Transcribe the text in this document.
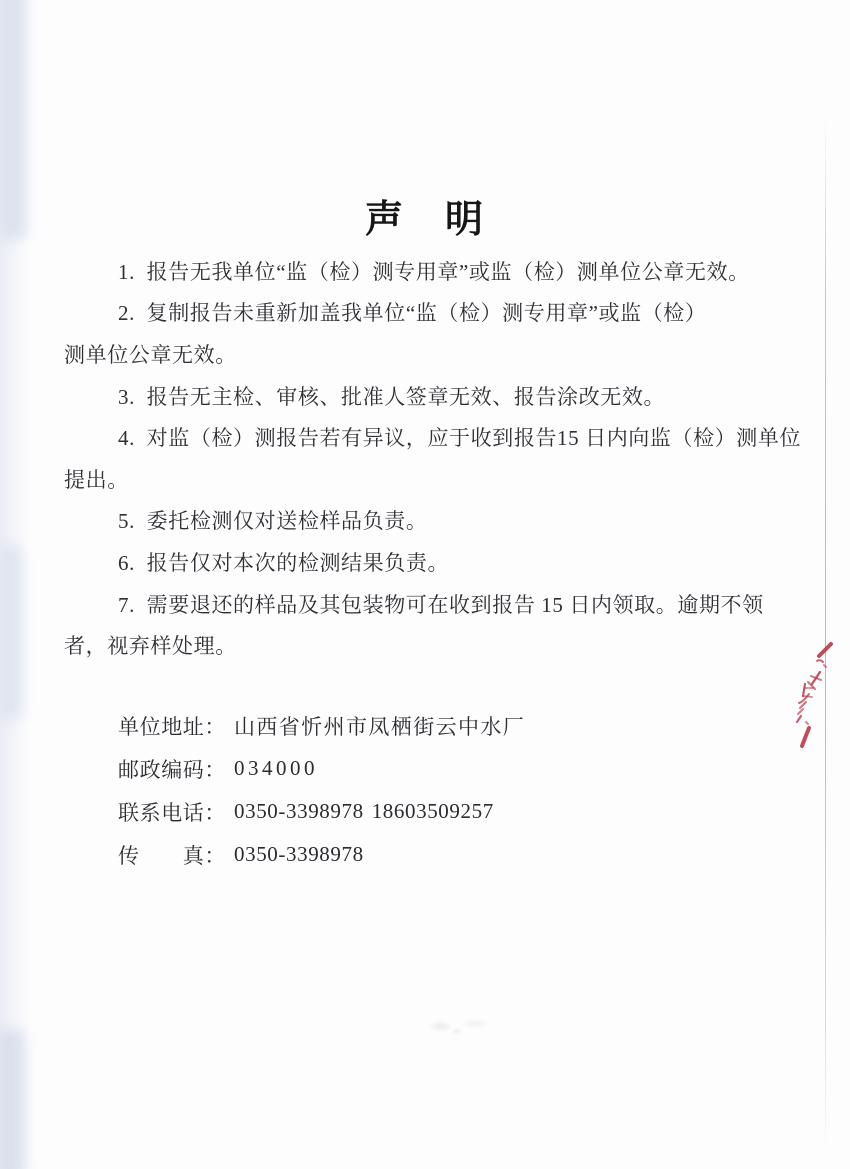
声　明

1.  报告无我单位“监（检）测专用章”或监（检）测单位公章无效。

2.  复制报告未重新加盖我单位“监（检）测专用章”或监（检）

测单位公章无效。

3.  报告无主检、审核、批准人签章无效、报告涂改无效。

4.  对监（检）测报告若有异议，应于收到报告15 日内向监（检）测单位

提出。

5.  委托检测仅对送检样品负责。

6.  报告仅对本次的检测结果负责。

7.  需要退还的样品及其包装物可在收到报告 15 日内领取。逾期不领

者，视弃样处理。

单位地址： 山西省忻州市凤栖街云中水厂

邮政编码： 034000

联系电话： 0350-3398978 18603509257

传　　真： 0350-3398978
